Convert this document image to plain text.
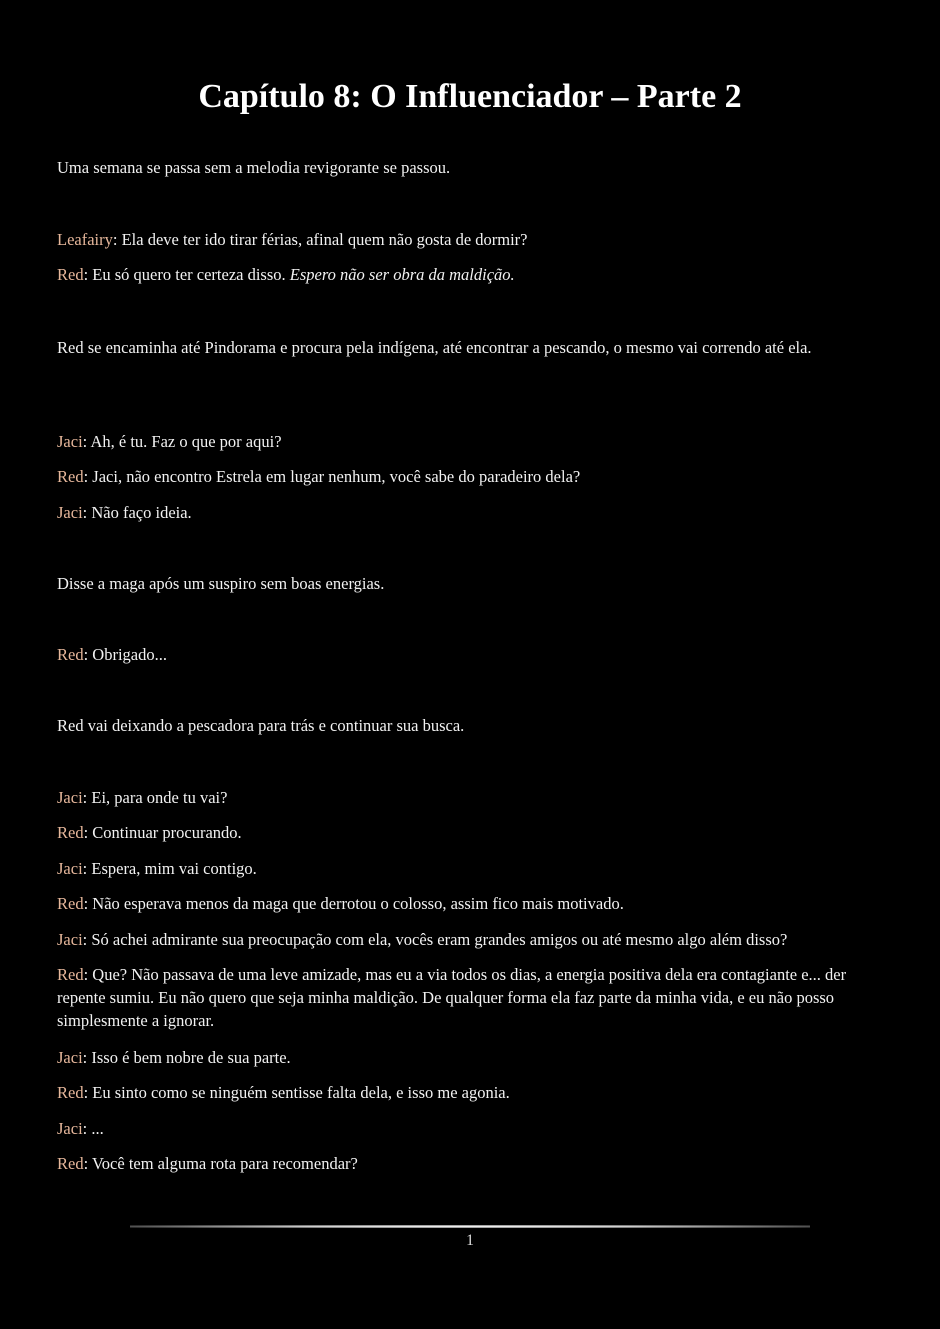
Capítulo 8: O Influenciador – Parte 2

Uma semana se passa sem a melodia revigorante se passou.

Leafairy: Ela deve ter ido tirar férias, afinal quem não gosta de dormir?

Red: Eu só quero ter certeza disso. Espero não ser obra da maldição.

Red se encaminha até Pindorama e procura pela indígena, até encontrar a pescando, o mesmo vai correndo até ela.

Jaci: Ah, é tu. Faz o que por aqui?

Red: Jaci, não encontro Estrela em lugar nenhum, você sabe do paradeiro dela?

Jaci: Não faço ideia.

Disse a maga após um suspiro sem boas energias.

Red: Obrigado...

Red vai deixando a pescadora para trás e continuar sua busca.

Jaci: Ei, para onde tu vai?

Red: Continuar procurando.

Jaci: Espera, mim vai contigo.

Red: Não esperava menos da maga que derrotou o colosso, assim fico mais motivado.

Jaci: Só achei admirante sua preocupação com ela, vocês eram grandes amigos ou até mesmo algo além disso?

Red: Que? Não passava de uma leve amizade, mas eu a via todos os dias, a energia positiva dela era contagiante e... der repente sumiu. Eu não quero que seja minha maldição. De qualquer forma ela faz parte da minha vida, e eu não posso simplesmente a ignorar.

Jaci: Isso é bem nobre de sua parte.

Red: Eu sinto como se ninguém sentisse falta dela, e isso me agonia.

Jaci: ...

Red: Você tem alguma rota para recomendar?

1
